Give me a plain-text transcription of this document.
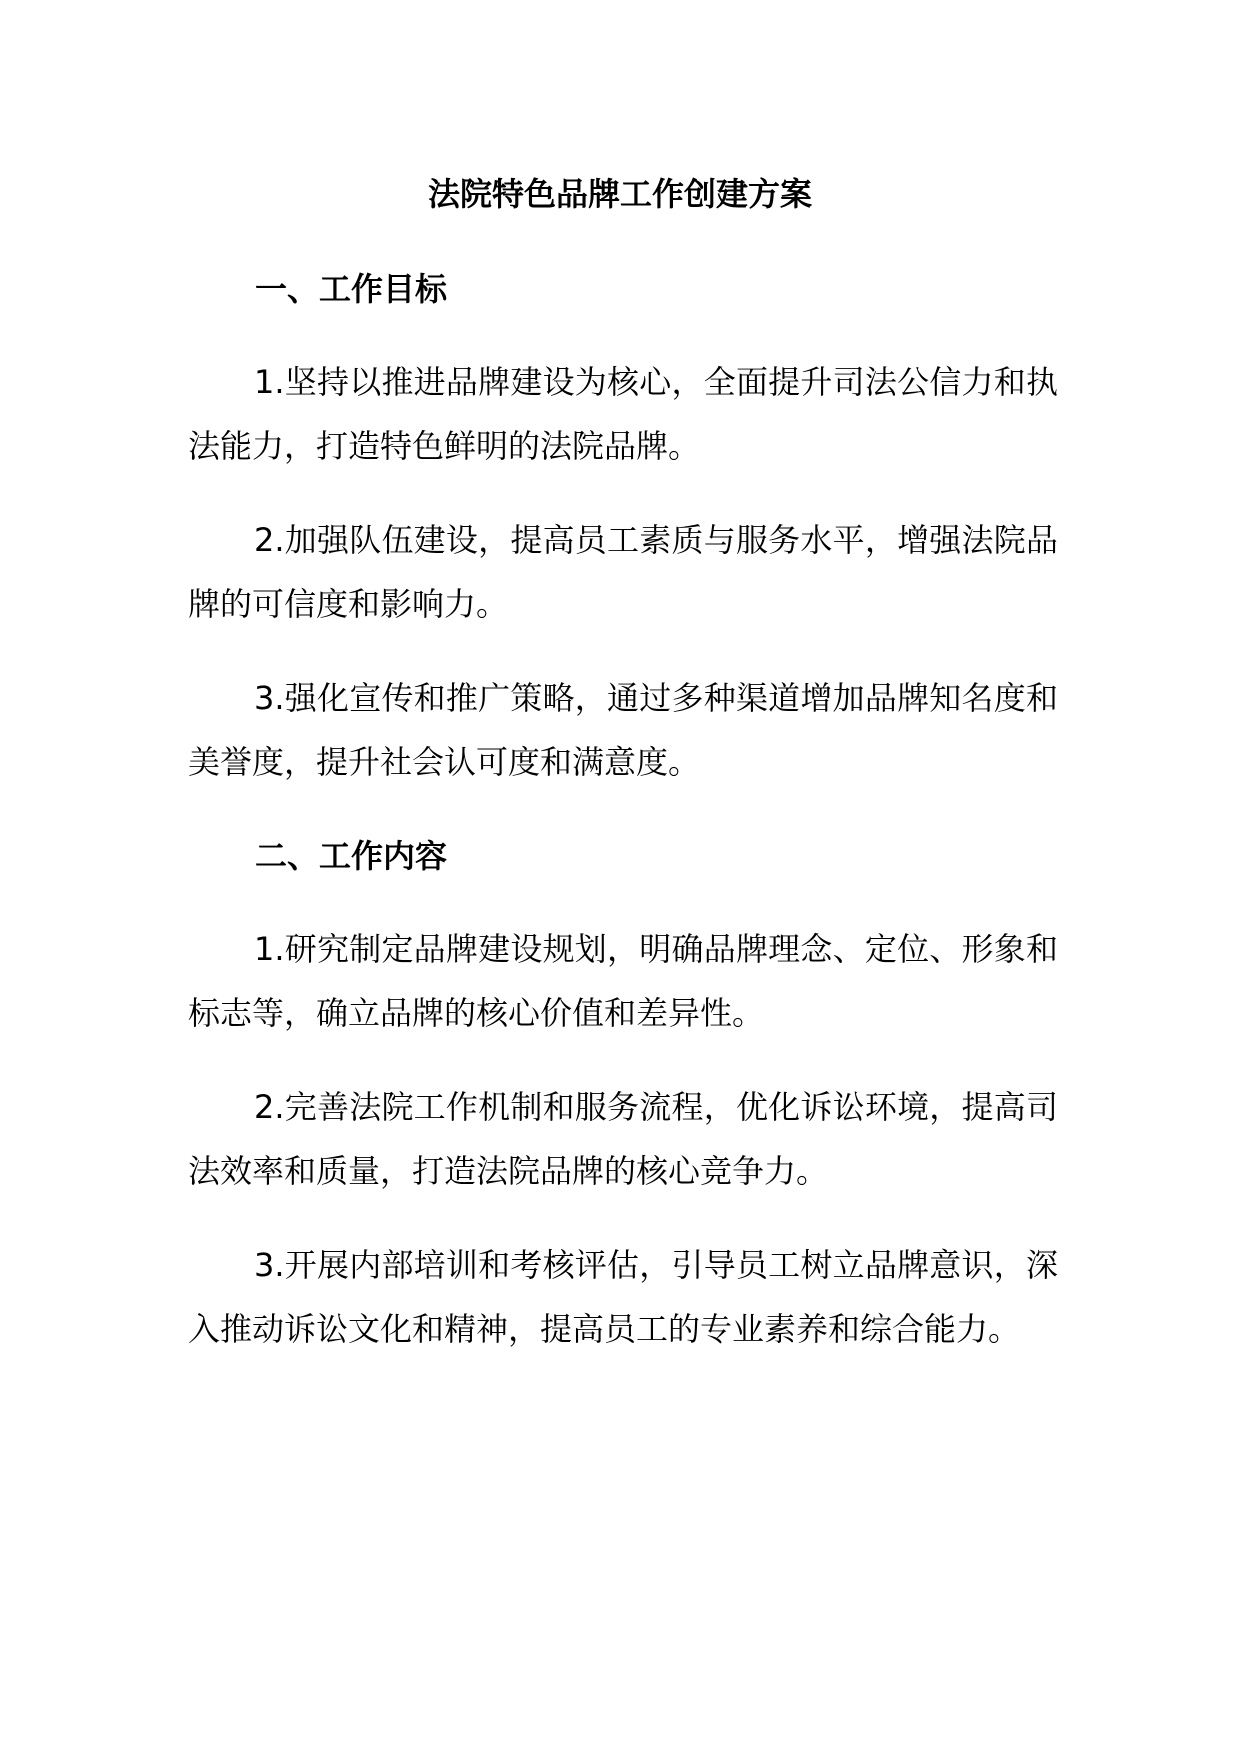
法院特色品牌工作创建方案
一、工作目标

1.坚持以推进品牌建设为核心，全面提升司法公信力和执法能力，打造特色鲜明的法院品牌。

2.加强队伍建设，提高员工素质与服务水平，增强法院品牌的可信度和影响力。

3.强化宣传和推广策略，通过多种渠道增加品牌知名度和美誉度，提升社会认可度和满意度。

二、工作内容

1.研究制定品牌建设规划，明确品牌理念、定位、形象和标志等，确立品牌的核心价值和差异性。

2.完善法院工作机制和服务流程，优化诉讼环境，提高司法效率和质量，打造法院品牌的核心竞争力。

3.开展内部培训和考核评估，引导员工树立品牌意识，深入推动诉讼文化和精神，提高员工的专业素养和综合能力。
